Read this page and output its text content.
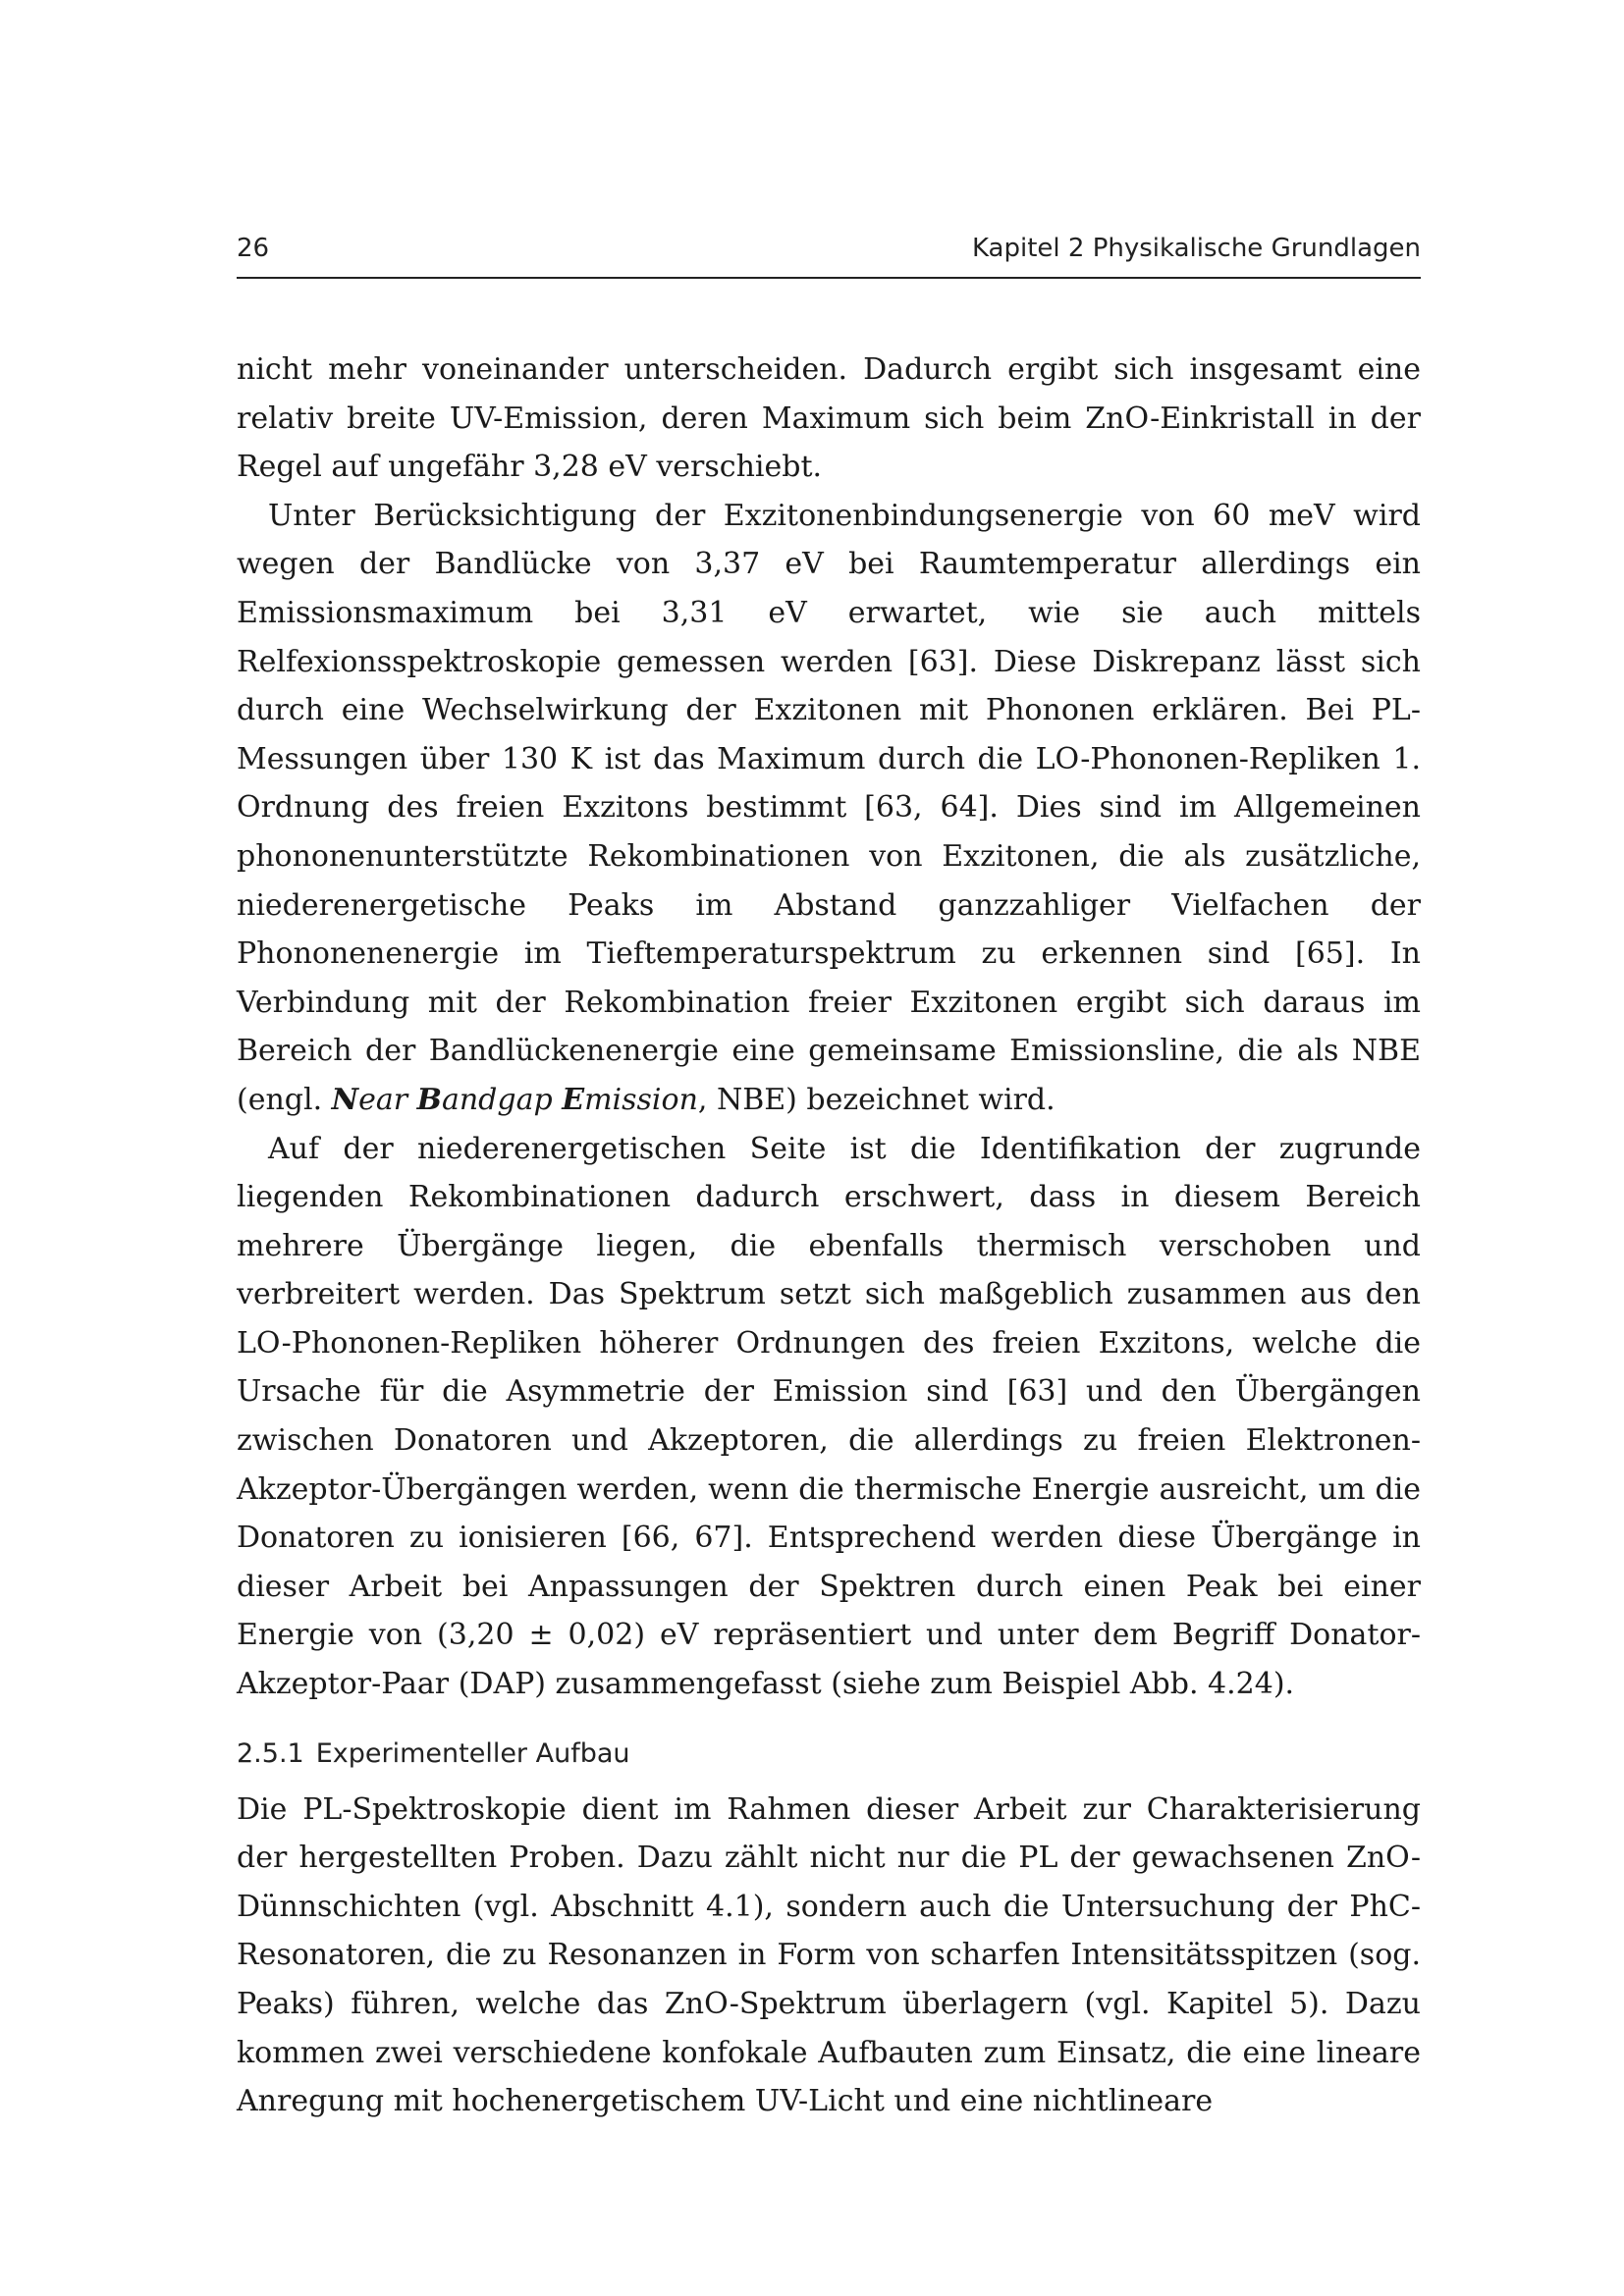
26	Kapitel 2 Physikalische Grundlagen

nicht mehr voneinander unterscheiden. Dadurch ergibt sich insgesamt eine relativ breite UV-Emission, deren Maximum sich beim ZnO-Einkristall in der Regel auf ungefähr 3,28 eV verschiebt.

Unter Berücksichtigung der Exzitonenbindungsenergie von 60 meV wird wegen der Bandlücke von 3,37 eV bei Raumtemperatur allerdings ein Emissionsmaximum bei 3,31 eV erwartet, wie sie auch mittels Relfexionsspektroskopie gemessen werden [63]. Diese Diskrepanz lässt sich durch eine Wechselwirkung der Exzitonen mit Phononen erklären. Bei PL-Messungen über 130 K ist das Maximum durch die LO-Phononen-Repliken 1. Ordnung des freien Exzitons bestimmt [63, 64]. Dies sind im Allgemeinen phononenunterstützte Rekombinationen von Exzitonen, die als zusätzliche, niederenergetische Peaks im Abstand ganzzahliger Vielfachen der Phononenenergie im Tieftemperaturspektrum zu erkennen sind [65]. In Verbindung mit der Rekombination freier Exzitonen ergibt sich daraus im Bereich der Bandlückenenergie eine gemeinsame Emissionsline, die als NBE (engl. Near Bandgap Emission, NBE) bezeichnet wird.

Auf der niederenergetischen Seite ist die Identifikation der zugrunde liegenden Rekombinationen dadurch erschwert, dass in diesem Bereich mehrere Übergänge liegen, die ebenfalls thermisch verschoben und verbreitert werden. Das Spektrum setzt sich maßgeblich zusammen aus den LO-Phononen-Repliken höherer Ordnungen des freien Exzitons, welche die Ursache für die Asymmetrie der Emission sind [63] und den Übergängen zwischen Donatoren und Akzeptoren, die allerdings zu freien Elektronen-Akzeptor-Übergängen werden, wenn die thermische Energie ausreicht, um die Donatoren zu ionisieren [66, 67]. Entsprechend werden diese Übergänge in dieser Arbeit bei Anpassungen der Spektren durch einen Peak bei einer Energie von (3,20 ± 0,02) eV repräsentiert und unter dem Begriff Donator-Akzeptor-Paar (DAP) zusammengefasst (siehe zum Beispiel Abb. 4.24).

2.5.1 Experimenteller Aufbau

Die PL-Spektroskopie dient im Rahmen dieser Arbeit zur Charakterisierung der hergestellten Proben. Dazu zählt nicht nur die PL der gewachsenen ZnO-Dünnschichten (vgl. Abschnitt 4.1), sondern auch die Untersuchung der PhC-Resonatoren, die zu Resonanzen in Form von scharfen Intensitätsspitzen (sog. Peaks) führen, welche das ZnO-Spektrum überlagern (vgl. Kapitel 5). Dazu kommen zwei verschiedene konfokale Aufbauten zum Einsatz, die eine lineare Anregung mit hochenergetischem UV-Licht und eine nichtlineare
